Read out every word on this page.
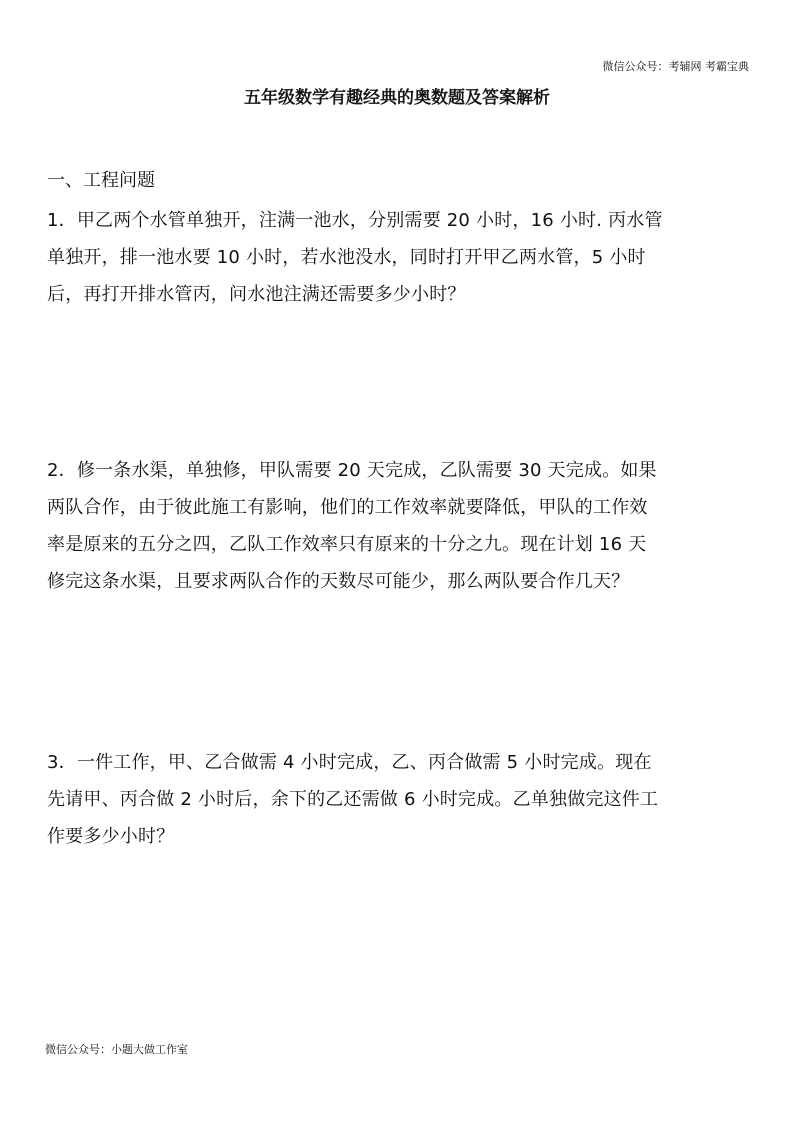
微信公众号：考辅网 考霸宝典
五年级数学有趣经典的奥数题及答案解析
一、工程问题
1．甲乙两个水管单独开，注满一池水，分别需要 20 小时，16 小时. 丙水管
单独开，排一池水要 10 小时，若水池没水，同时打开甲乙两水管，5 小时
后，再打开排水管丙，问水池注满还需要多少小时？
2．修一条水渠，单独修，甲队需要 20 天完成，乙队需要 30 天完成。如果
两队合作，由于彼此施工有影响，他们的工作效率就要降低，甲队的工作效
率是原来的五分之四，乙队工作效率只有原来的十分之九。现在计划 16 天
修完这条水渠，且要求两队合作的天数尽可能少，那么两队要合作几天？
3．一件工作，甲、乙合做需 4 小时完成，乙、丙合做需 5 小时完成。现在
先请甲、丙合做 2 小时后，余下的乙还需做 6 小时完成。乙单独做完这件工
作要多少小时？
微信公众号：小题大做工作室
